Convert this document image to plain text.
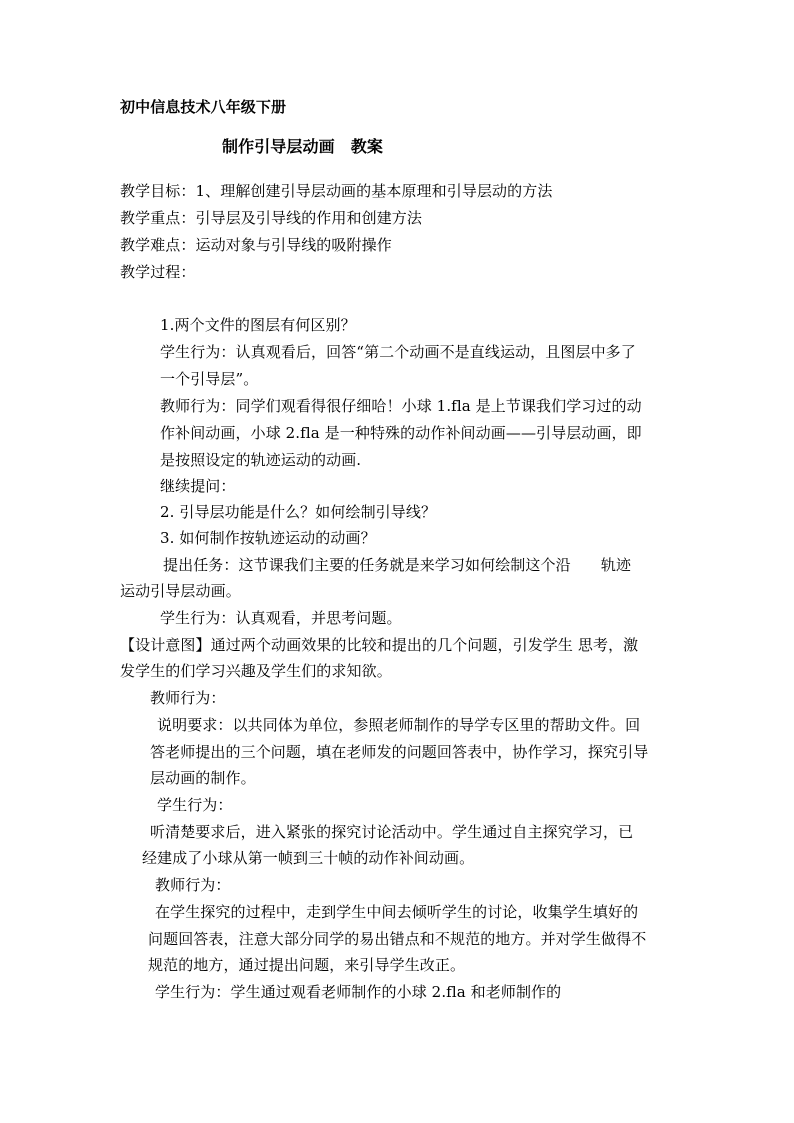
初中信息技术八年级下册
制作引导层动画　教案
教学目标：1、理解创建引导层动画的基本原理和引导层动的方法
教学重点：引导层及引导线的作用和创建方法
教学难点：运动对象与引导线的吸附操作
教学过程：
1.两个文件的图层有何区别？
学生行为：认真观看后，回答“第二个动画不是直线运动，且图层中多了
一个引导层”。
教师行为：同学们观看得很仔细哈！小球 1.fla 是上节课我们学习过的动
作补间动画，小球 2.fla 是一种特殊的动作补间动画——引导层动画，即
是按照设定的轨迹运动的动画.
继续提问：
2. 引导层功能是什么？如何绘制引导线？
3. 如何制作按轨迹运动的动画？
提出任务：这节课我们主要的任务就是来学习如何绘制这个沿　　轨迹
运动引导层动画。
学生行为：认真观看，并思考问题。
【设计意图】通过两个动画效果的比较和提出的几个问题，引发学生 思考，激
发学生的们学习兴趣及学生们的求知欲。
教师行为：
说明要求：以共同体为单位，参照老师制作的导学专区里的帮助文件。回
答老师提出的三个问题，填在老师发的问题回答表中，协作学习，探究引导
层动画的制作。
学生行为：
听清楚要求后，进入紧张的探究讨论活动中。学生通过自主探究学习，已
经建成了小球从第一帧到三十帧的动作补间动画。
教师行为：
在学生探究的过程中，走到学生中间去倾听学生的讨论，收集学生填好的
问题回答表，注意大部分同学的易出错点和不规范的地方。并对学生做得不
规范的地方，通过提出问题，来引导学生改正。
学生行为：学生通过观看老师制作的小球 2.fla 和老师制作的
